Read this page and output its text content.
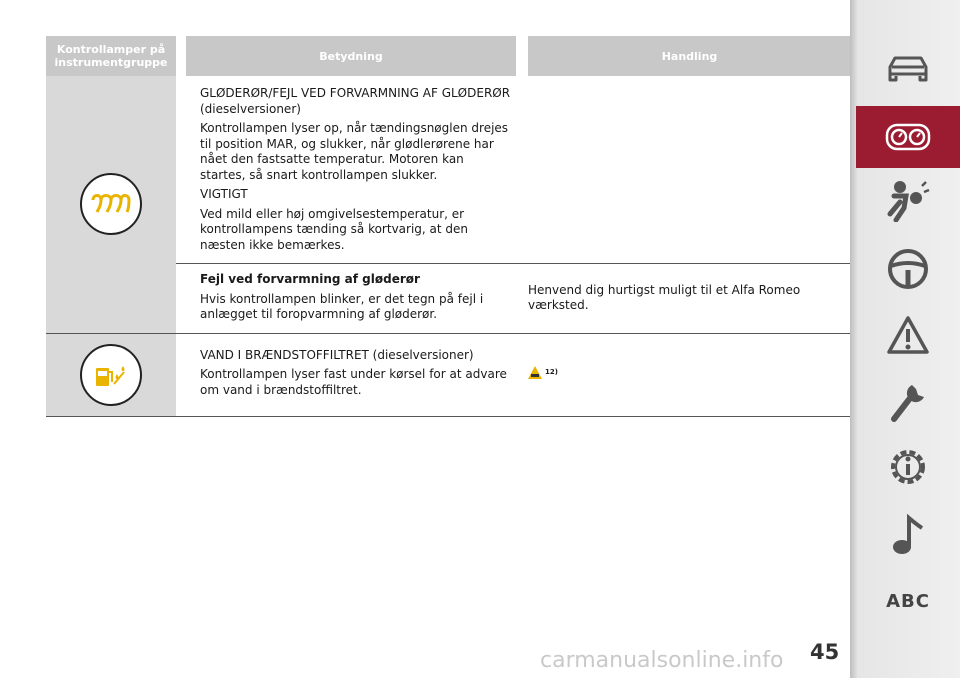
Kontrollamper på instrumentgruppe		Betydning		Handling

GLØDERØR/FEJL VED FORVARMNING AF GLØDERØR (dieselversioner)

Kontrollampen lyser op, når tændingsnøglen drejes til position MAR, og slukker, når glødlerørene har nået den fastsatte temperatur. Motoren kan startes, så snart kontrollampen slukker.

VIGTIGT

Ved mild eller høj omgivelsestemperatur, er kontrollampens tænding så kortvarig, at den næsten ikke bemærkes.		

		Fejl ved forvarmning af gløderør

Hvis kontrollampen blinker, er det tegn på fejl i anlægget til foropvarmning af gløderør.		Henvend dig hurtigst muligt til et Alfa Romeo værksted.

VAND I BRÆNDSTOFFILTRET (dieselversioner)

Kontrollampen lyser fast under kørsel for at advare om vand i brændstoffiltret.		12)
45
carmanualsonline.info
ABC
